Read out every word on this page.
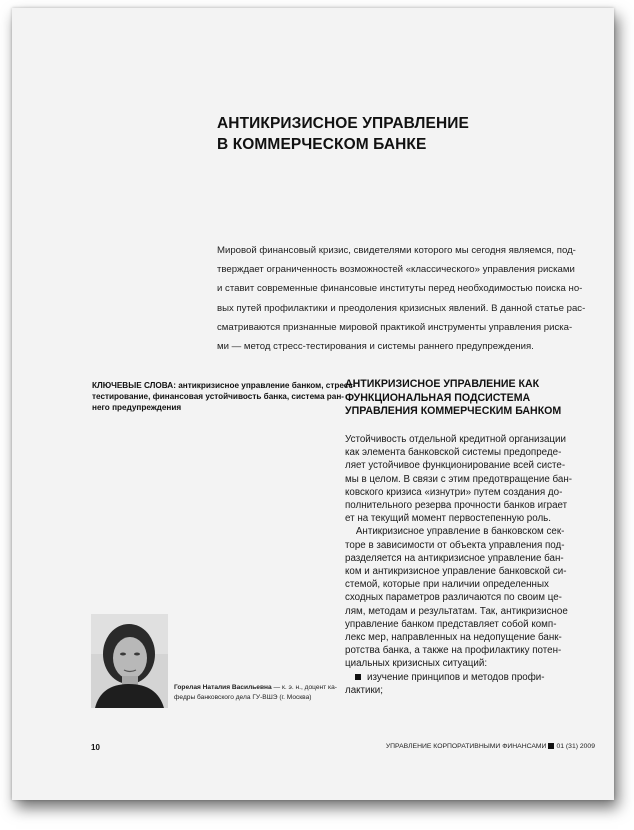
АНТИКРИЗИСНОЕ УПРАВЛЕНИЕ
В КОММЕРЧЕСКОМ БАНКЕ
Мировой финансовый кризис, свидетелями которого мы сегодня являемся, под-
тверждает ограниченность возможностей «классического» управления рисками
и ставит современные финансовые институты перед необходимостью поиска но-
вых путей профилактики и преодоления кризисных явлений. В данной статье рас-
сматриваются признанные мировой практикой инструменты управления риска-
ми — метод стресс-тестирования и системы раннего предупреждения.
КЛЮЧЕВЫЕ СЛОВА: антикризисное управление банком, стресс-
тестирование, финансовая устойчивость банка, система ран-
него предупреждения
АНТИКРИЗИСНОЕ УПРАВЛЕНИЕ КАК
ФУНКЦИОНАЛЬНАЯ ПОДСИСТЕМА
УПРАВЛЕНИЯ КОММЕРЧЕСКИМ БАНКОМ
Устойчивость отдельной кредитной организации
как элемента банковской системы предопреде-
ляет устойчивое функционирование всей систе-
мы в целом. В связи с этим предотвращение бан-
ковского кризиса «изнутри» путем создания до-
полнительного резерва прочности банков играет
ет на текущий момент первостепенную роль.
Антикризисное управление в банковском сек-
торе в зависимости от объекта управления под-
разделяется на антикризисное управление бан-
ком и антикризисное управление банковской си-
стемой, которые при наличии определенных
сходных параметров различаются по своим це-
лям, методам и результатам. Так, антикризисное
управление банком представляет собой комп-
лекс мер, направленных на недопущение банк-
ротства банка, а также на профилактику потен-
циальных кризисных ситуаций:
изучение принципов и методов профи-
лактики;
Горелая Наталия Васильевна — к. э. н., доцент ка-
федры банковского дела ГУ-ВШЭ (г. Москва)
10	УПРАВЛЕНИЕ КОРПОРАТИВНЫМИ ФИНАНСАМИ 01 (31) 2009
